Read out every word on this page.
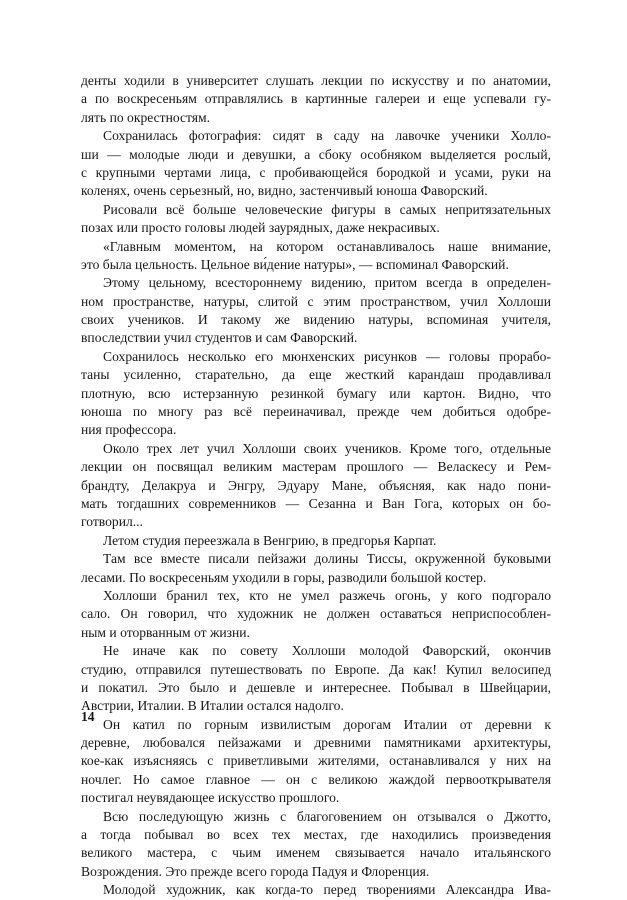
денты ходили в университет слушать лекции по искусству и по анатомии,
а по воскресеньям отправлялись в картинные галереи и еще успевали гу-
лять по окрестностям.
Сохранилась фотография: сидят в саду на лавочке ученики Холло-
ши — молодые люди и девушки, а сбоку особняком выделяется рослый,
с крупными чертами лица, с пробивающейся бородкой и усами, руки на
коленях, очень серьезный, но, видно, застенчивый юноша Фаворский.
Рисовали всё больше человеческие фигуры в самых непритязательных
позах или просто головы людей заурядных, даже некрасивых.
«Главным моментом, на котором останавливалось наше внимание,
это была цельность. Цельное ви́дение натуры», — вспоминал Фаворский.
Этому цельному, всестороннему видению, притом всегда в определен-
ном пространстве, натуры, слитой с этим пространством, учил Холлоши
своих учеников. И такому же видению натуры, вспоминая учителя,
впоследствии учил студентов и сам Фаворский.
Сохранилось несколько его мюнхенских рисунков — головы прорабо-
таны усиленно, старательно, да еще жесткий карандаш продавливал
плотную, всю истерзанную резинкой бумагу или картон. Видно, что
юноша по многу раз всё переиначивал, прежде чем добиться одобре-
ния профессора.
Около трех лет учил Холлоши своих учеников. Кроме того, отдельные
лекции он посвящал великим мастерам прошлого — Веласкесу и Рем-
брандту, Делакруа и Энгру, Эдуару Мане, объясняя, как надо пони-
мать тогдашних современников — Сезанна и Ван Гога, которых он бо-
готворил...
Летом студия переезжала в Венгрию, в предгорья Карпат.
Там все вместе писали пейзажи долины Тиссы, окруженной буковыми
лесами. По воскресеньям уходили в горы, разводили большой костер.
Холлоши бранил тех, кто не умел разжечь огонь, у кого подгорало
сало. Он говорил, что художник не должен оставаться неприспособлен-
ным и оторванным от жизни.
Не иначе как по совету Холлоши молодой Фаворский, окончив
студию, отправился путешествовать по Европе. Да как! Купил велосипед
и покатил. Это было и дешевле и интереснее. Побывал в Швейцарии,
Австрии, Италии. В Италии остался надолго.
Он катил по горным извилистым дорогам Италии от деревни к
деревне, любовался пейзажами и древними памятниками архитектуры,
кое-как изъясняясь с приветливыми жителями, останавливался у них на
ночлег. Но самое главное — он с великою жаждой первооткрывателя
постигал неувядающее искусство прошлого.
Всю последующую жизнь с благоговением он отзывался о Джотто,
а тогда побывал во всех тех местах, где находились произведения
великого мастера, с чьим именем связывается начало итальянского
Возрождения. Это прежде всего города Падуя и Флоренция.
Молодой художник, как когда-то перед творениями Александра Ива-
14
